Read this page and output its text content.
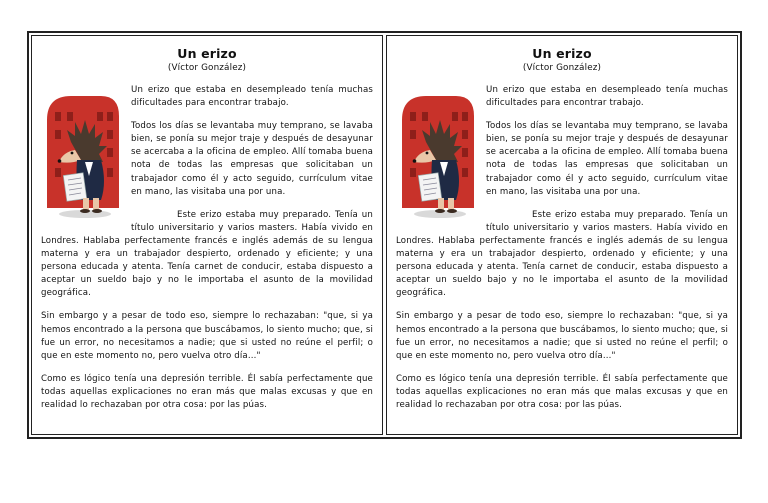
Un erizo
(Víctor González)

Un erizo que estaba en desempleado tenía muchas dificultades para encontrar trabajo.

Todos los días se levantaba muy temprano, se lavaba bien, se ponía su mejor traje y después de desayunar se acercaba a la oficina de empleo. Allí tomaba buena nota de todas las empresas que solicitaban un trabajador como él y acto seguido, currículum vitae en mano, las visitaba una por una.

Este erizo estaba muy preparado. Tenía un título universitario y varios masters. Había vivido en Londres. Hablaba perfectamente francés e inglés además de su lengua materna y era un trabajador despierto, ordenado y eficiente; y una persona educada y atenta. Tenía carnet de conducir, estaba dispuesto a aceptar un sueldo bajo y no le importaba el asunto de la movilidad geográfica.

Sin embargo y a pesar de todo eso, siempre lo rechazaban: "que, si ya hemos encontrado a la persona que buscábamos, lo siento mucho; que, si fue un error, no necesitamos a nadie; que si usted no reúne el perfil; o que en este momento no, pero vuelva otro día..."

Como es lógico tenía una depresión terrible. Él sabía perfectamente que todas aquellas explicaciones no eran más que malas excusas y que en realidad lo rechazaban por otra cosa: por las púas.

Un erizo
(Víctor González)

Un erizo que estaba en desempleado tenía muchas dificultades para encontrar trabajo.

Todos los días se levantaba muy temprano, se lavaba bien, se ponía su mejor traje y después de desayunar se acercaba a la oficina de empleo. Allí tomaba buena nota de todas las empresas que solicitaban un trabajador como él y acto seguido, currículum vitae en mano, las visitaba una por una.

Este erizo estaba muy preparado. Tenía un título universitario y varios masters. Había vivido en Londres. Hablaba perfectamente francés e inglés además de su lengua materna y era un trabajador despierto, ordenado y eficiente; y una persona educada y atenta. Tenía carnet de conducir, estaba dispuesto a aceptar un sueldo bajo y no le importaba el asunto de la movilidad geográfica.

Sin embargo y a pesar de todo eso, siempre lo rechazaban: "que, si ya hemos encontrado a la persona que buscábamos, lo siento mucho; que, si fue un error, no necesitamos a nadie; que si usted no reúne el perfil; o que en este momento no, pero vuelva otro día..."

Como es lógico tenía una depresión terrible. Él sabía perfectamente que todas aquellas explicaciones no eran más que malas excusas y que en realidad lo rechazaban por otra cosa: por las púas.
